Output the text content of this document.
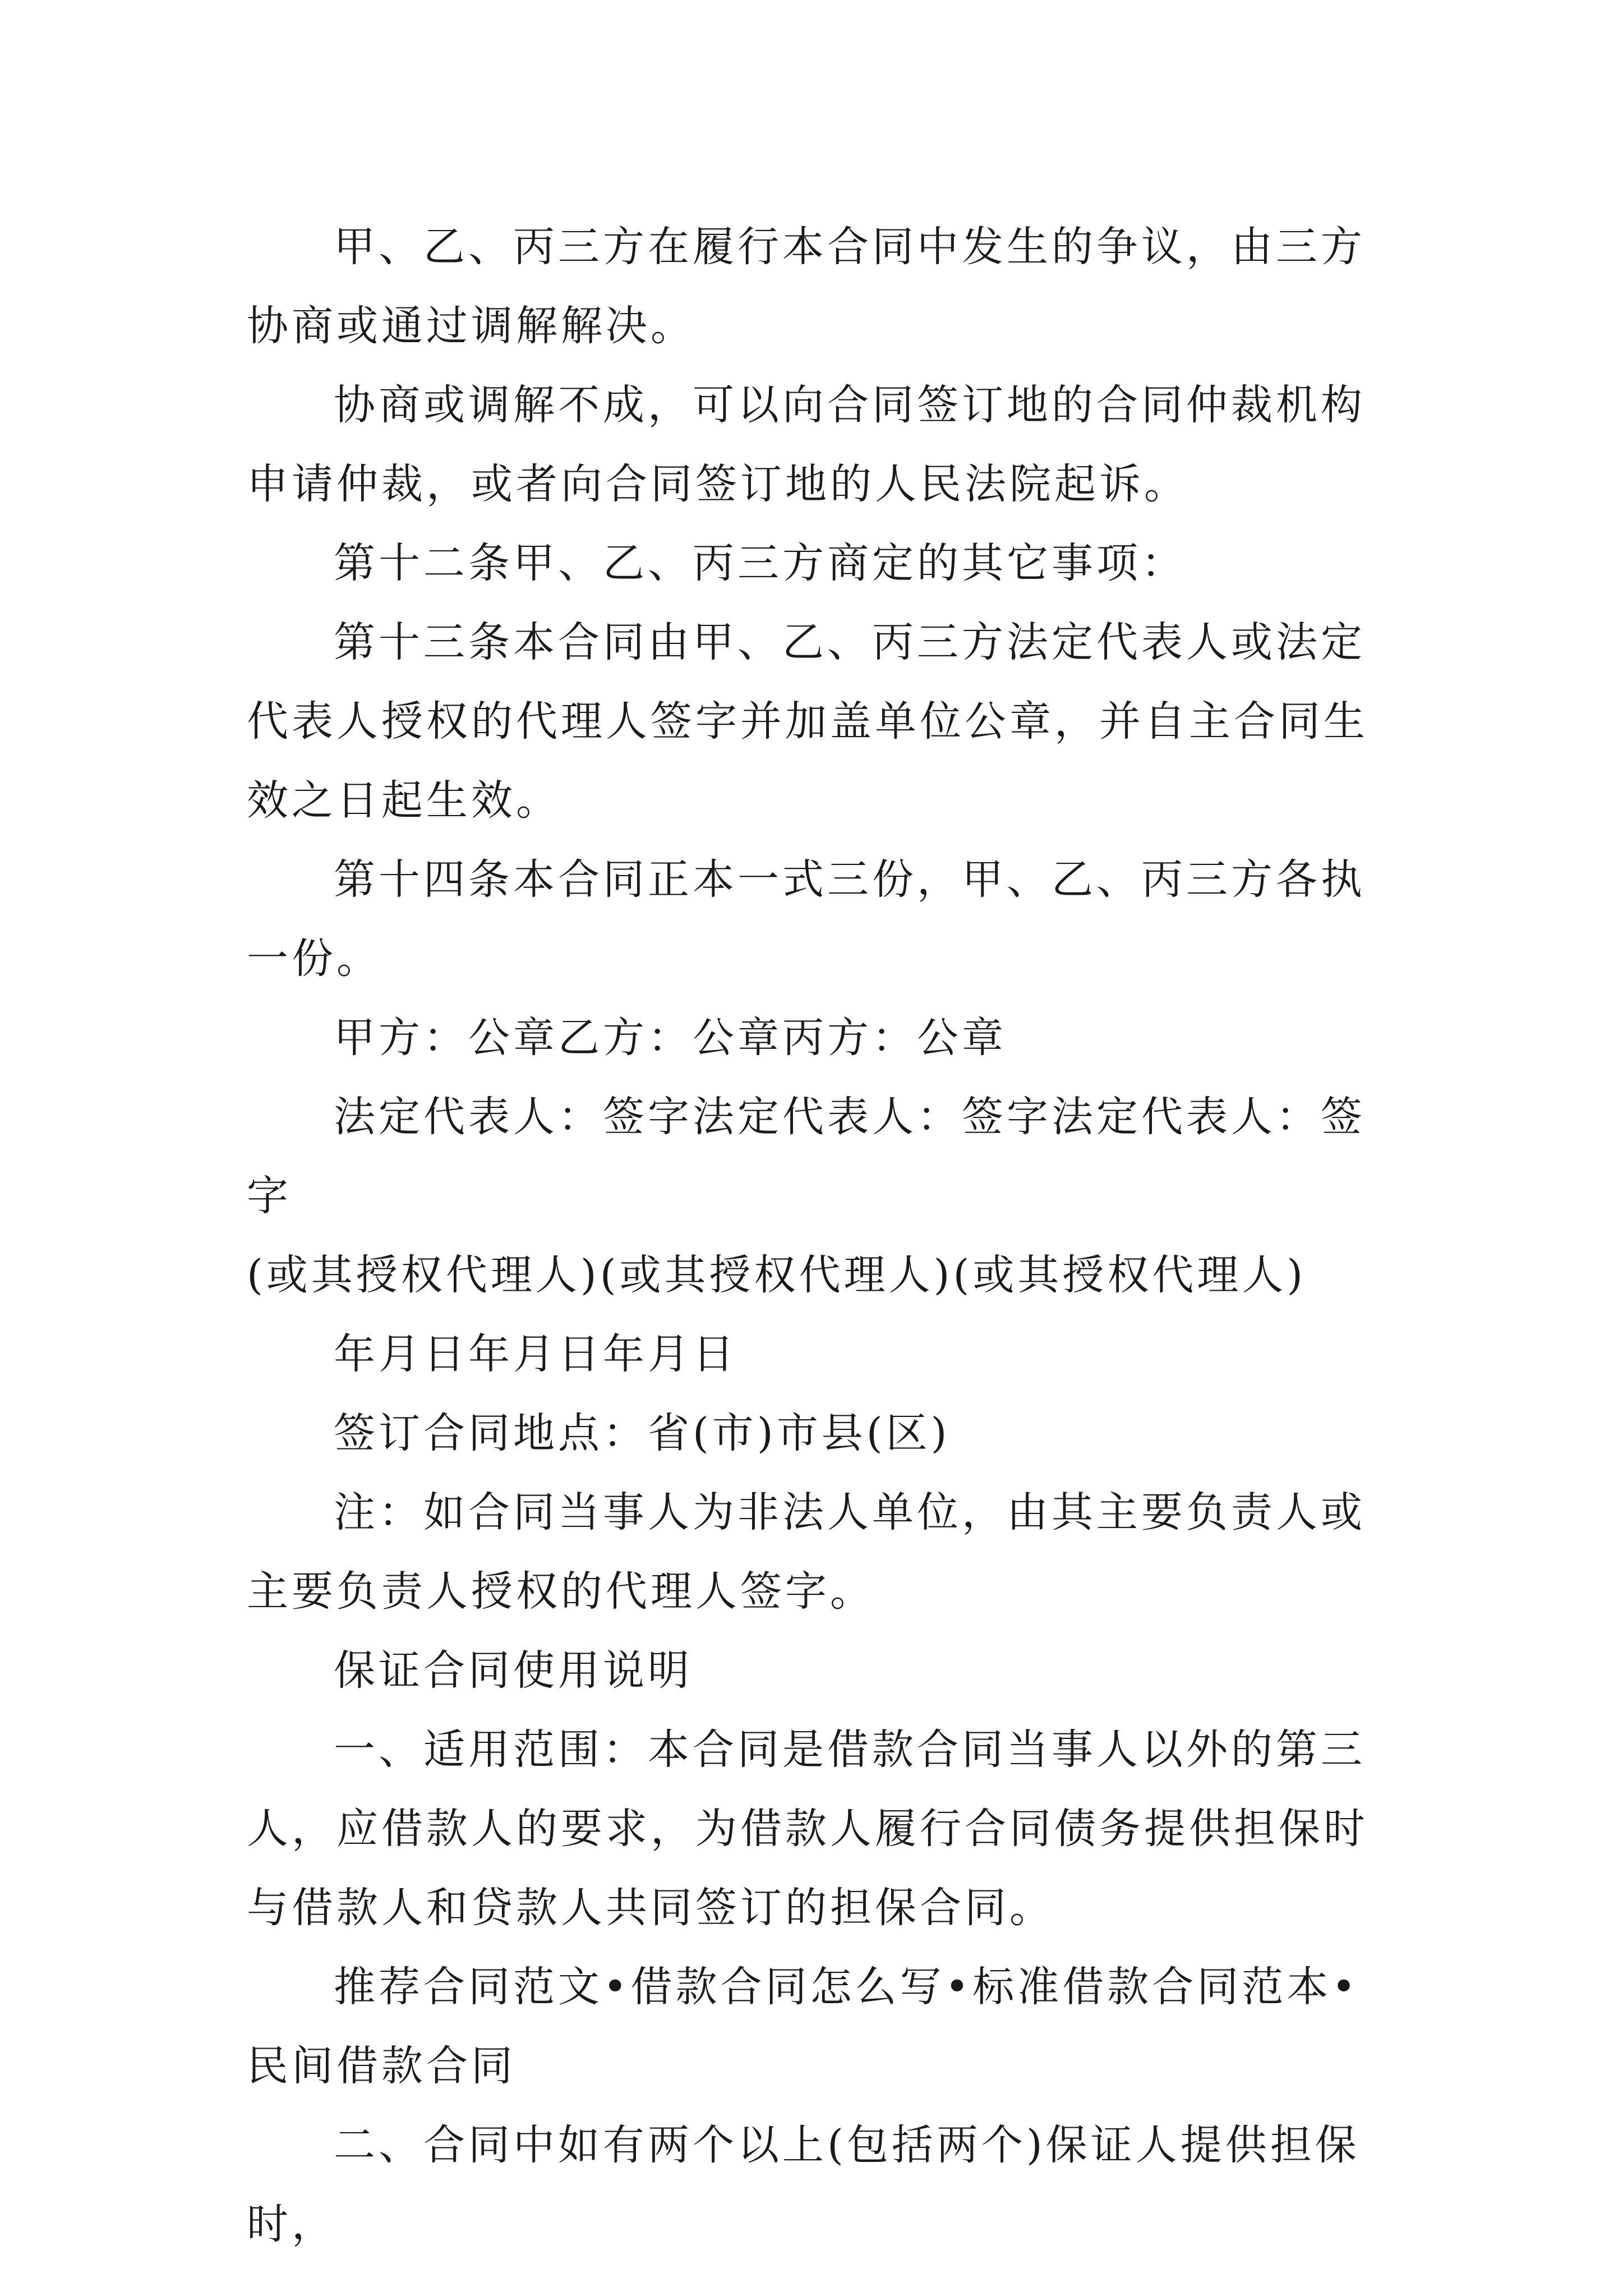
甲、乙、丙三方在履行本合同中发生的争议，由三方协商或通过调解解决。

协商或调解不成，可以向合同签订地的合同仲裁机构申请仲裁，或者向合同签订地的人民法院起诉。

第十二条甲、乙、丙三方商定的其它事项：

第十三条本合同由甲、乙、丙三方法定代表人或法定代表人授权的代理人签字并加盖单位公章，并自主合同生效之日起生效。

第十四条本合同正本一式三份，甲、乙、丙三方各执一份。

甲方：公章乙方：公章丙方：公章

法定代表人：签字法定代表人：签字法定代表人：签字

(或其授权代理人)(或其授权代理人)(或其授权代理人)

年月日年月日年月日

签订合同地点：省(市)市县(区)

注：如合同当事人为非法人单位，由其主要负责人或主要负责人授权的代理人签字。

保证合同使用说明

一、适用范围：本合同是借款合同当事人以外的第三人，应借款人的要求，为借款人履行合同债务提供担保时与借款人和贷款人共同签订的担保合同。

推荐合同范文•借款合同怎么写•标准借款合同范本•民间借款合同

二、合同中如有两个以上(包括两个)保证人提供担保时，
